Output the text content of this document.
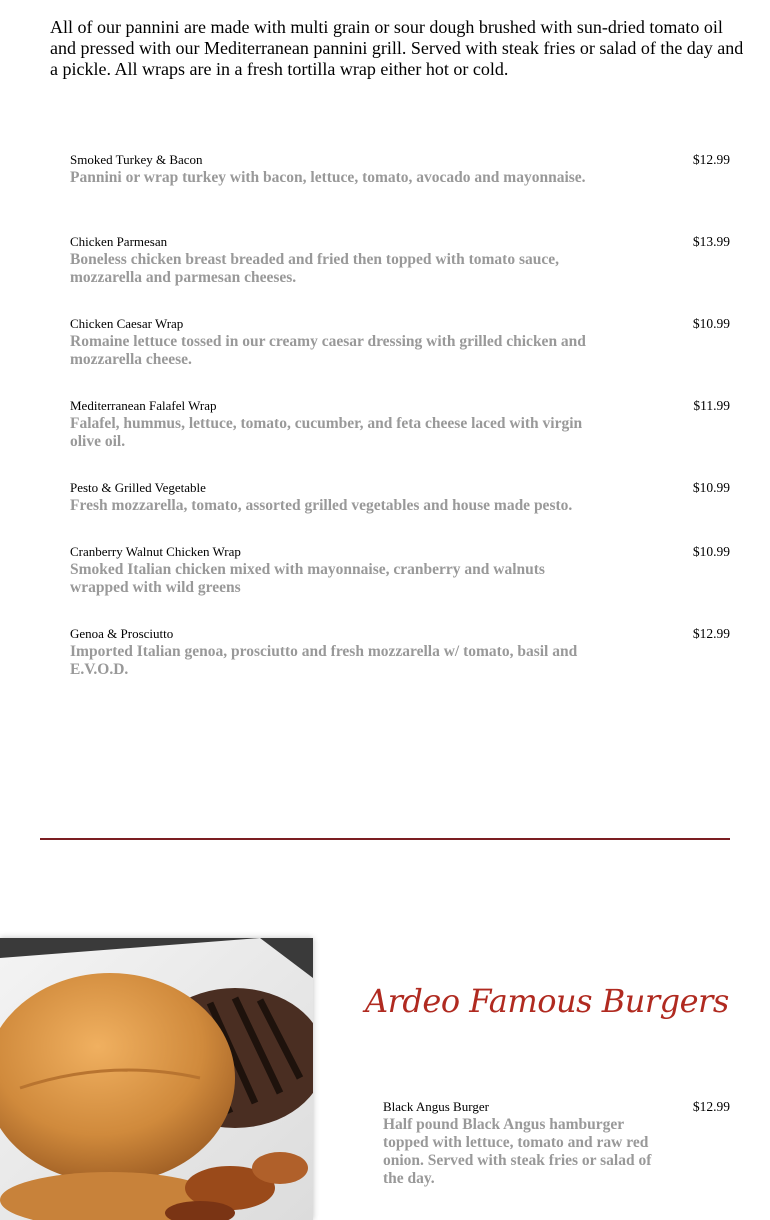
All of our pannini are made with multi grain or sour dough brushed with sun-dried tomato oil and pressed with our Mediterranean pannini grill. Served with steak fries or salad of the day and a pickle. All wraps are in a fresh tortilla wrap either hot or cold.
Smoked Turkey & Bacon
Pannini or wrap turkey with bacon, lettuce, tomato, avocado and mayonnaise.
$12.99
Chicken Parmesan
Boneless chicken breast breaded and fried then topped with tomato sauce, mozzarella and parmesan cheeses.
$13.99
Chicken Caesar Wrap
Romaine lettuce tossed in our creamy caesar dressing with grilled chicken and mozzarella cheese.
$10.99
Mediterranean Falafel Wrap
Falafel, hummus, lettuce, tomato, cucumber, and feta cheese laced with virgin olive oil.
$11.99
Pesto & Grilled Vegetable
Fresh mozzarella, tomato, assorted grilled vegetables and house made pesto.
$10.99
Cranberry Walnut Chicken Wrap
Smoked Italian chicken mixed with mayonnaise, cranberry and walnuts wrapped with wild greens
$10.99
Genoa & Prosciutto
Imported Italian genoa, prosciutto and fresh mozzarella w/ tomato, basil and E.V.O.D.
$12.99
Ardeo Famous Burgers
Black Angus Burger
Half pound Black Angus hamburger topped with lettuce, tomato and raw red onion. Served with steak fries or salad of the day.
$12.99
